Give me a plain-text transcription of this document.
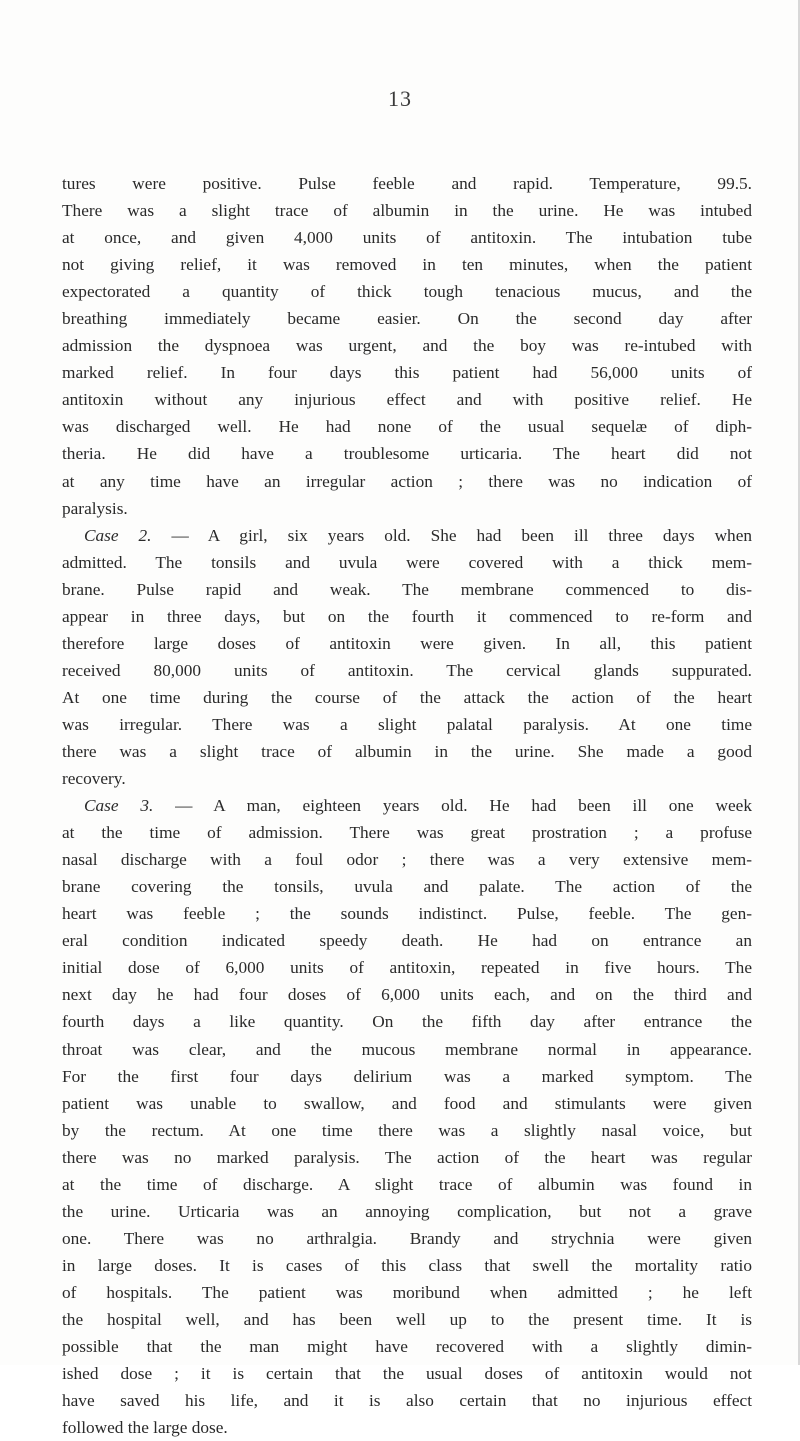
13
tures were positive. Pulse feeble and rapid. Temperature, 99.5.
There was a slight trace of albumin in the urine. He was intubed
at once, and given 4,000 units of antitoxin. The intubation tube
not giving relief, it was removed in ten minutes, when the patient
expectorated a quantity of thick tough tenacious mucus, and the
breathing immediately became easier. On the second day after
admission the dyspnoea was urgent, and the boy was re-intubed with
marked relief. In four days this patient had 56,000 units of
antitoxin without any injurious effect and with positive relief. He
was discharged well. He had none of the usual sequelæ of diph-
theria. He did have a troublesome urticaria. The heart did not
at any time have an irregular action ; there was no indication of
paralysis.
Case 2. — A girl, six years old. She had been ill three days when
admitted. The tonsils and uvula were covered with a thick mem-
brane. Pulse rapid and weak. The membrane commenced to dis-
appear in three days, but on the fourth it commenced to re-form and
therefore large doses of antitoxin were given. In all, this patient
received 80,000 units of antitoxin. The cervical glands suppurated.
At one time during the course of the attack the action of the heart
was irregular. There was a slight palatal paralysis. At one time
there was a slight trace of albumin in the urine. She made a good
recovery.
Case 3. — A man, eighteen years old. He had been ill one week
at the time of admission. There was great prostration ; a profuse
nasal discharge with a foul odor ; there was a very extensive mem-
brane covering the tonsils, uvula and palate. The action of the
heart was feeble ; the sounds indistinct. Pulse, feeble. The gen-
eral condition indicated speedy death. He had on entrance an
initial dose of 6,000 units of antitoxin, repeated in five hours. The
next day he had four doses of 6,000 units each, and on the third and
fourth days a like quantity. On the fifth day after entrance the
throat was clear, and the mucous membrane normal in appearance.
For the first four days delirium was a marked symptom. The
patient was unable to swallow, and food and stimulants were given
by the rectum. At one time there was a slightly nasal voice, but
there was no marked paralysis. The action of the heart was regular
at the time of discharge. A slight trace of albumin was found in
the urine. Urticaria was an annoying complication, but not a grave
one. There was no arthralgia. Brandy and strychnia were given
in large doses. It is cases of this class that swell the mortality ratio
of hospitals. The patient was moribund when admitted ; he left
the hospital well, and has been well up to the present time. It is
possible that the man might have recovered with a slightly dimin-
ished dose ; it is certain that the usual doses of antitoxin would not
have saved his life, and it is also certain that no injurious effect
followed the large dose.
